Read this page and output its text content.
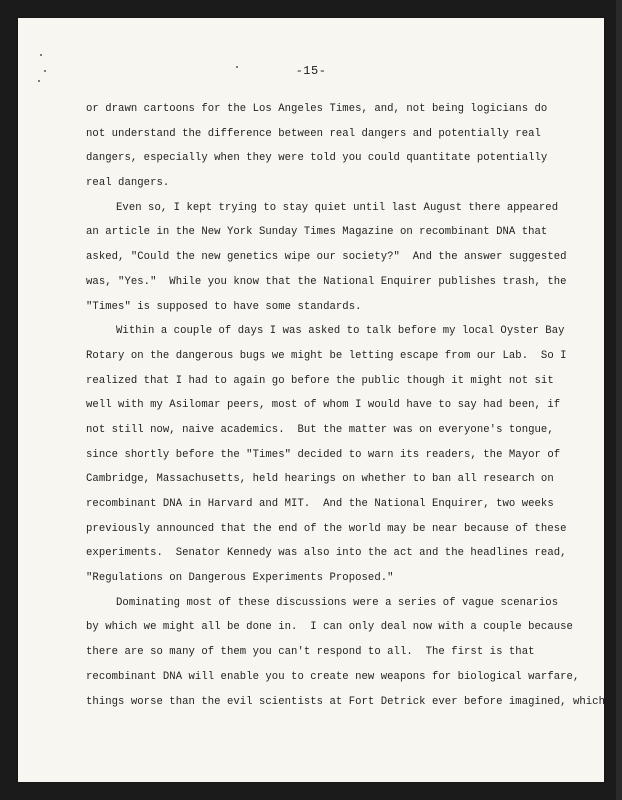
-15-
or drawn cartoons for the Los Angeles Times, and, not being logicians do
not understand the difference between real dangers and potentially real
dangers, especially when they were told you could quantitate potentially
real dangers.
Even so, I kept trying to stay quiet until last August there appeared
an article in the New York Sunday Times Magazine on recombinant DNA that
asked, "Could the new genetics wipe our society?"  And the answer suggested
was, "Yes."  While you know that the National Enquirer publishes trash, the
"Times" is supposed to have some standards.
Within a couple of days I was asked to talk before my local Oyster Bay
Rotary on the dangerous bugs we might be letting escape from our Lab.  So I
realized that I had to again go before the public though it might not sit
well with my Asilomar peers, most of whom I would have to say had been, if
not still now, naive academics.  But the matter was on everyone's tongue,
since shortly before the "Times" decided to warn its readers, the Mayor of
Cambridge, Massachusetts, held hearings on whether to ban all research on
recombinant DNA in Harvard and MIT.  And the National Enquirer, two weeks
previously announced that the end of the world may be near because of these
experiments.  Senator Kennedy was also into the act and the headlines read,
"Regulations on Dangerous Experiments Proposed."
Dominating most of these discussions were a series of vague scenarios
by which we might all be done in.  I can only deal now with a couple because
there are so many of them you can't respond to all.  The first is that
recombinant DNA will enable you to create new weapons for biological warfare,
things worse than the evil scientists at Fort Detrick ever before imagined, which
